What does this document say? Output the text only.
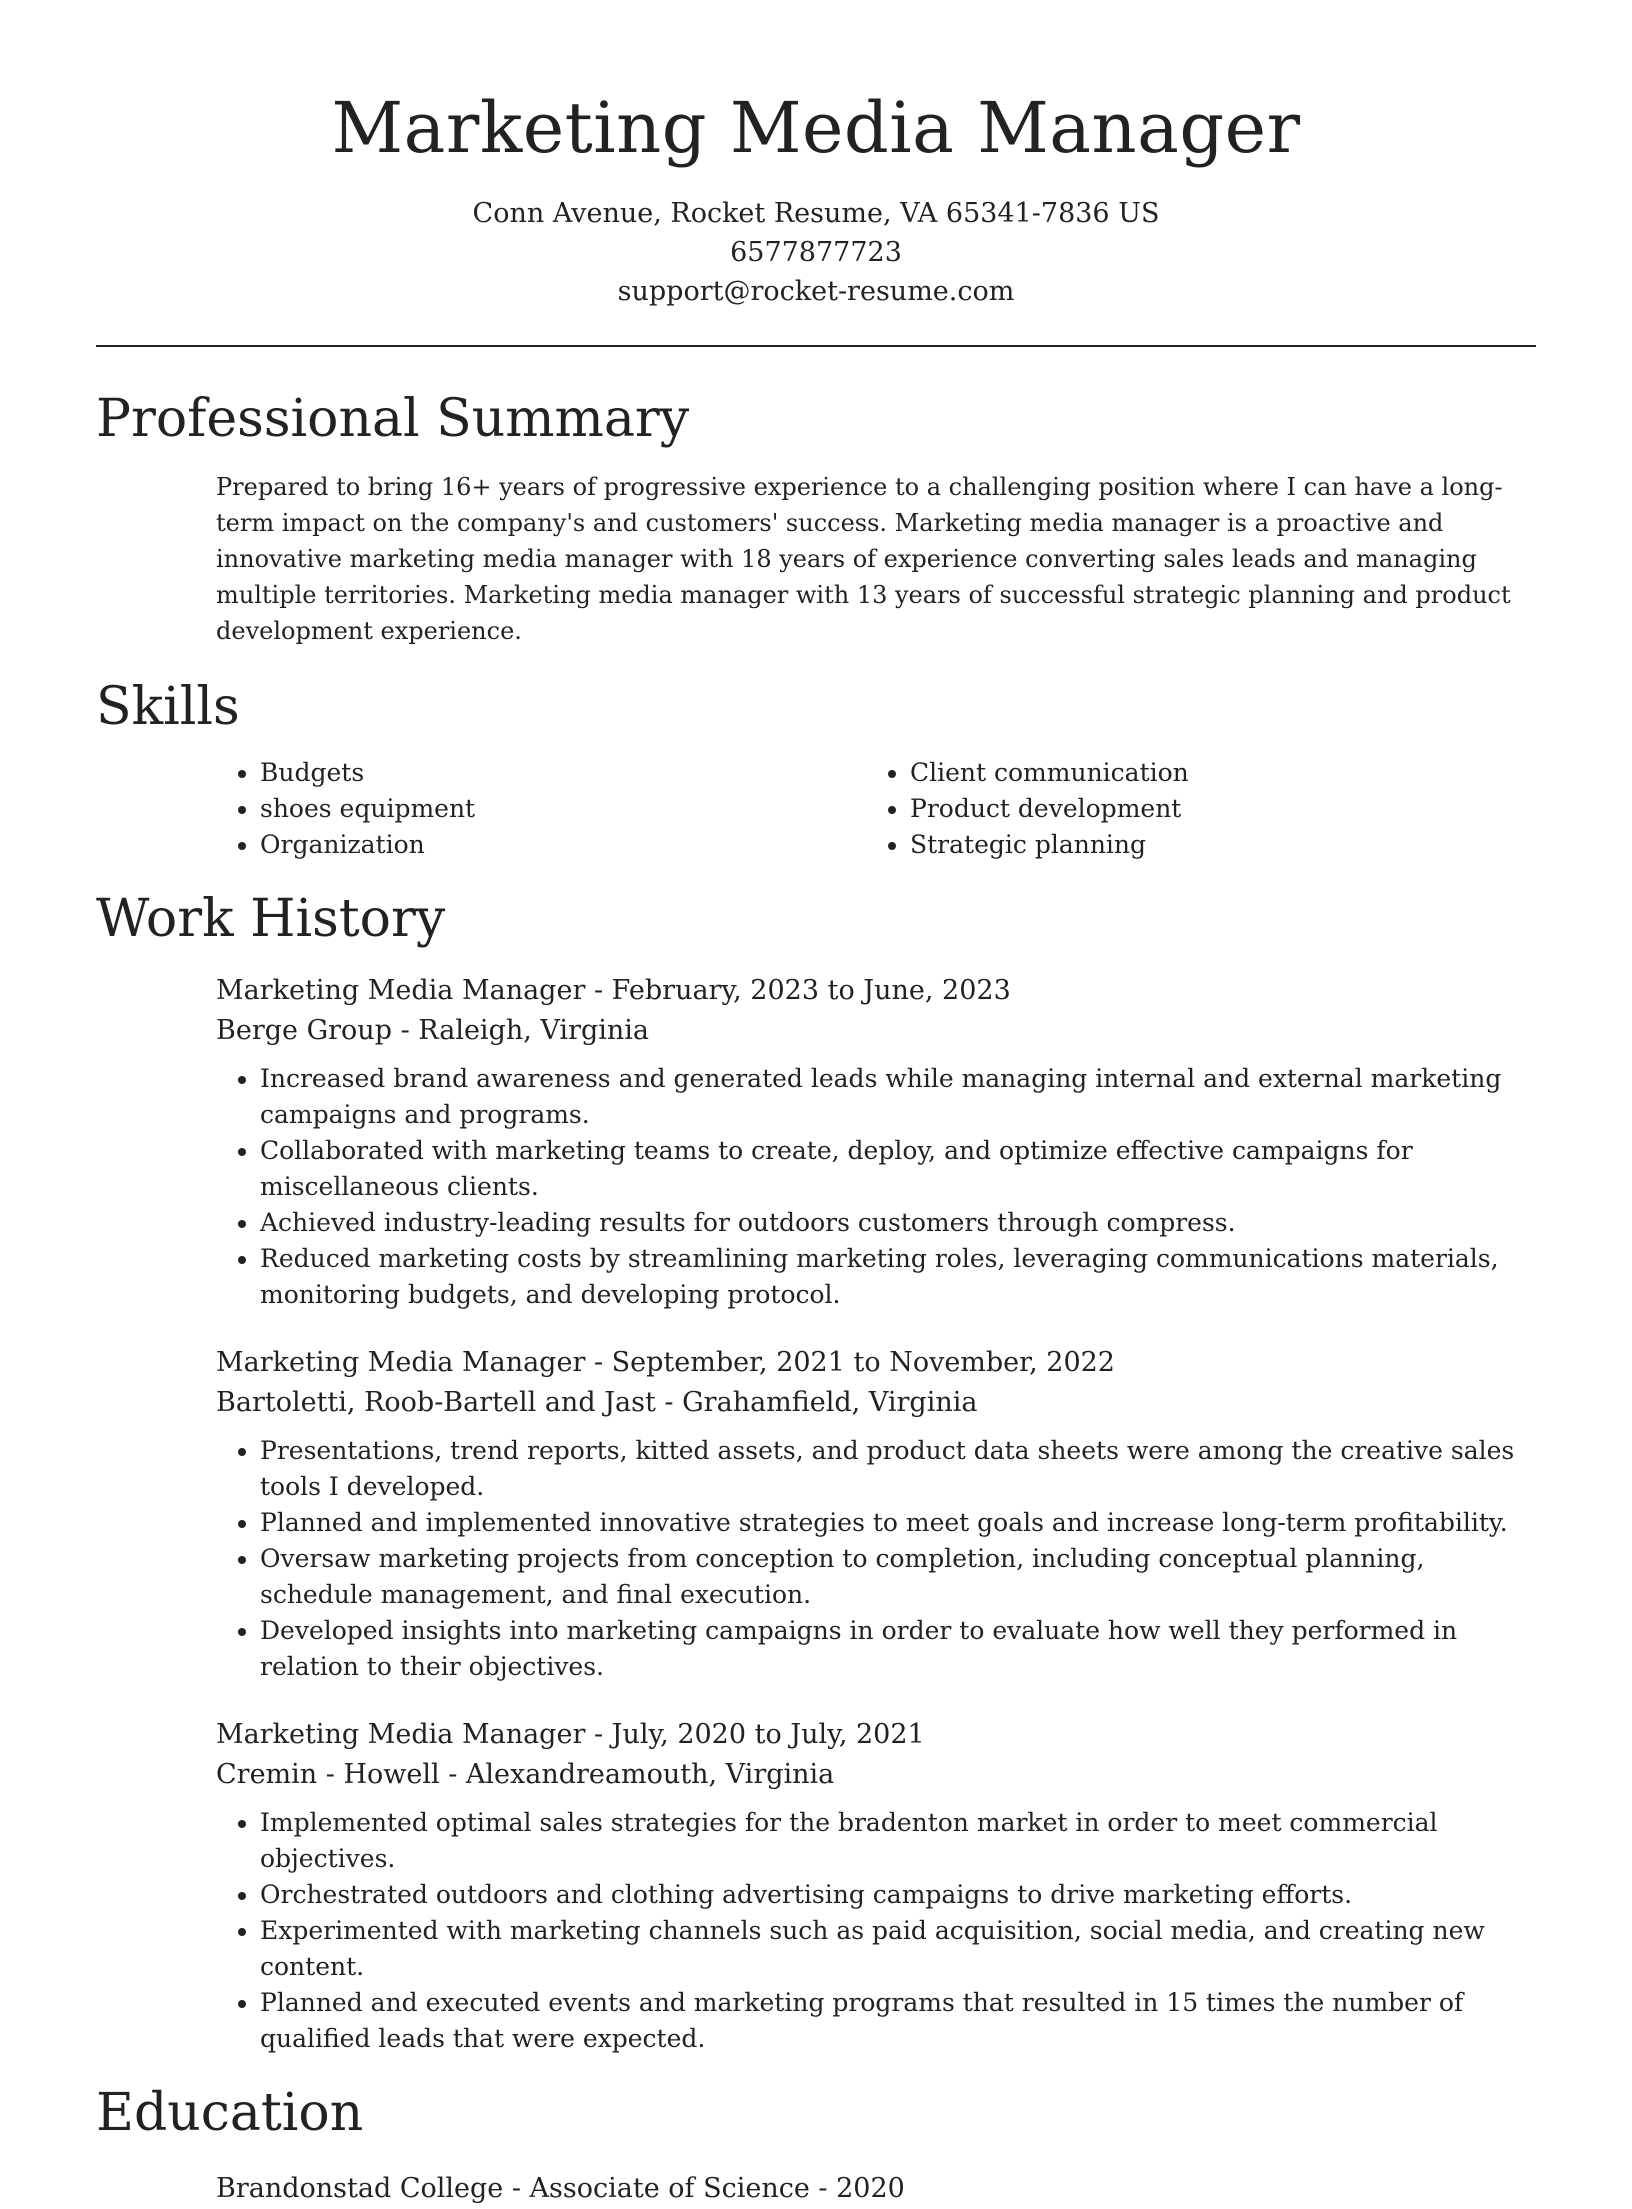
Marketing Media Manager
Conn Avenue, Rocket Resume, VA 65341-7836 US
6577877723
support@rocket-resume.com
Professional Summary
Prepared to bring 16+ years of progressive experience to a challenging position where I can have a long-term impact on the company's and customers' success. Marketing media manager is a proactive and innovative marketing media manager with 18 years of experience converting sales leads and managing multiple territories. Marketing media manager with 13 years of successful strategic planning and product development experience.
Skills
• Budgets
• shoes equipment
• Organization
• Client communication
• Product development
• Strategic planning
Work History
Marketing Media Manager - February, 2023 to June, 2023
Berge Group - Raleigh, Virginia
• Increased brand awareness and generated leads while managing internal and external marketing campaigns and programs.
• Collaborated with marketing teams to create, deploy, and optimize effective campaigns for miscellaneous clients.
• Achieved industry-leading results for outdoors customers through compress.
• Reduced marketing costs by streamlining marketing roles, leveraging communications materials, monitoring budgets, and developing protocol.
Marketing Media Manager - September, 2021 to November, 2022
Bartoletti, Roob-Bartell and Jast - Grahamfield, Virginia
• Presentations, trend reports, kitted assets, and product data sheets were among the creative sales tools I developed.
• Planned and implemented innovative strategies to meet goals and increase long-term profitability.
• Oversaw marketing projects from conception to completion, including conceptual planning, schedule management, and final execution.
• Developed insights into marketing campaigns in order to evaluate how well they performed in relation to their objectives.
Marketing Media Manager - July, 2020 to July, 2021
Cremin - Howell - Alexandreamouth, Virginia
• Implemented optimal sales strategies for the bradenton market in order to meet commercial objectives.
• Orchestrated outdoors and clothing advertising campaigns to drive marketing efforts.
• Experimented with marketing channels such as paid acquisition, social media, and creating new content.
• Planned and executed events and marketing programs that resulted in 15 times the number of qualified leads that were expected.
Education
Brandonstad College - Associate of Science - 2020
